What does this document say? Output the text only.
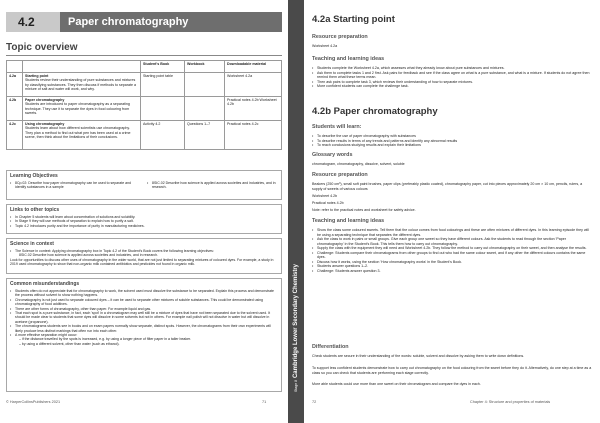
4.2	Paper chromatography
Topic overview
		Student's Book	Workbook	Downloadable material
4.2a	Starting point
Students review their understanding of pure substances and mixtures by classifying substances. They then discuss if methods to separate a mixture of salt and water will work, and why.	Starting point table		Worksheet 4.2a
4.2b	Paper chromatography
Students are introduced to paper chromatography as a separating technique. They use it to separate the dyes in food colouring from sweets.			Practical notes 4.2b Worksheet 4.2b
4.2c	Using chromatography
Students learn about how different scientists use chromatography. They plan a method to find out what pen has been used at a crime scene, then think about the limitations of their conclusions.	Activity 4.2	Questions 1–7	Practical notes 4.2c
Learning Objectives
• 8Cp.02: Describe how paper chromatography can be used to separate and identify substances in a sample
• 8SIC.02 Describe how science is applied across societies and industries, and in research.
Links to other topics
• In Chapter 5 students will learn about concentration of solutions and solubility.
• In Stage 9 they will use methods of separation to explain how to purify a salt.
• Topic 4.2 introduces purity and the importance of purity in manufacturing medicines.
Science in context
• The Science in context: Applying chromatography box in Topic 4.2 of the Student's Book covers the following learning objectives:
8SIC.02 Describe how science is applied across societies and industries, and in research.
Look for opportunities to discuss other uses of chromatography in the wider world, that are not just limited to separating mixtures of coloured dyes. For example, a study in 2019 used chromatography to show that non-organic milk contained antibiotics and pesticides not found in organic milk.
Common misunderstandings
• Students often do not appreciate that for chromatography to work, the solvent used must dissolve the substance to be separated. Explain this process and demonstrate the process without solvent to show nothing happens.
• Chromatography is not just used to separate coloured dyes – it can be used to separate other mixtures of soluble substances. This could be demonstrated using chromatography of food additives.
• There are other forms of chromatography, other than paper. For example liquid and gas.
• That each spot is a pure substance, in fact, each 'spot' in a chromatogram may well still be a mixture of dyes that have not been separated due to the solvent used. It should be made clear to students that some dyes will dissolve in some solvents but not in others. For example nail polish will not dissolve in water but will dissolve in acetone (propanone).
• The chromatograms students see in books and on exam papers normally show separate, distinct spots. However, the chromatograms from their own experiments will likely produce less distinct markings that often run into each other.
• A more effective separation might occur:
– if the distance travelled by the spots is increased, e.g. by using a longer piece of filter paper in a taller beaker.
– by using a different solvent, other than water (such as ethanol).
© HarperCollinsPublishers 2021	71
Cambridge Lower Secondary Chemistry
Stage 8
4.2a Starting point
Resource preparation
Worksheet 4.2a
Teaching and learning ideas
• Students complete the Worksheet 4.2a, which assesses what they already know about pure substances and mixtures.
• Ask them to complete tasks 1 and 2 first. Ask pairs for feedback and see if the class agree on what is a pure substance, and what is a mixture. If students do not agree then remind them what these terms mean.
• Then ask pairs to complete task 3, which reviews their understanding of how to separate mixtures.
• More confident students can complete the challenge task.
4.2b Paper chromatography
Students will learn:
• To describe the use of paper chromatography with substances
• To describe results in terms of any trends and patterns and identify any abnormal results
• To reach conclusions studying results and explain their limitations
Glossary words
chromatogram, chromatography, dissolve, solvent, soluble
Resource preparation
Beakers (250 cm³), small soft paint brushes, paper clips (preferably plastic coated), chromatography paper, cut into pieces approximately 20 cm × 10 cm, pencils, rulers, a supply of sweets of various colours
Worksheet 4.2b
Practical notes 4.2b
Note: refer to the practical notes and worksheet for safety advice.
Teaching and learning ideas
• Show the class some coloured sweets. Tell them that the colour comes from food colourings and these are often mixtures of different dyes. In this learning episode they will be using a separating technique that separates the different dyes.
• Ask the class to work in pairs or small groups. Give each group one sweet so they have different colours. Ask the students to read through the section 'Paper chromatography' in the Student's Book. This tells them how to carry out chromatography.
• Supply the class with the equipment they will need and Worksheet 4.2b. They follow the method to carry out chromatography on their sweet, and then analyse the results.
• Challenge: Students compare their chromatograms from other groups to find out who had the same colour sweet, and if any other the different colours contains the same dyes.
• Discuss how it works, using the section 'How chromatography works' in the Student's Book.
• Students answer questions 1–2.
• Challenge: Students answer question 3.
Differentiation
Check students are secure in their understanding of the words: soluble, solvent and dissolve by asking them to write down definitions.
To support less confident students demonstrate how to carry out chromatography on the food colouring from the sweet before they do it. Alternatively, do one step at a time as a class so you can check that students are performing each stage correctly.
More able students could use more than one sweet on their chromatogram and compare the dyes in each.
72	Chapter 4: Structure and properties of materials
